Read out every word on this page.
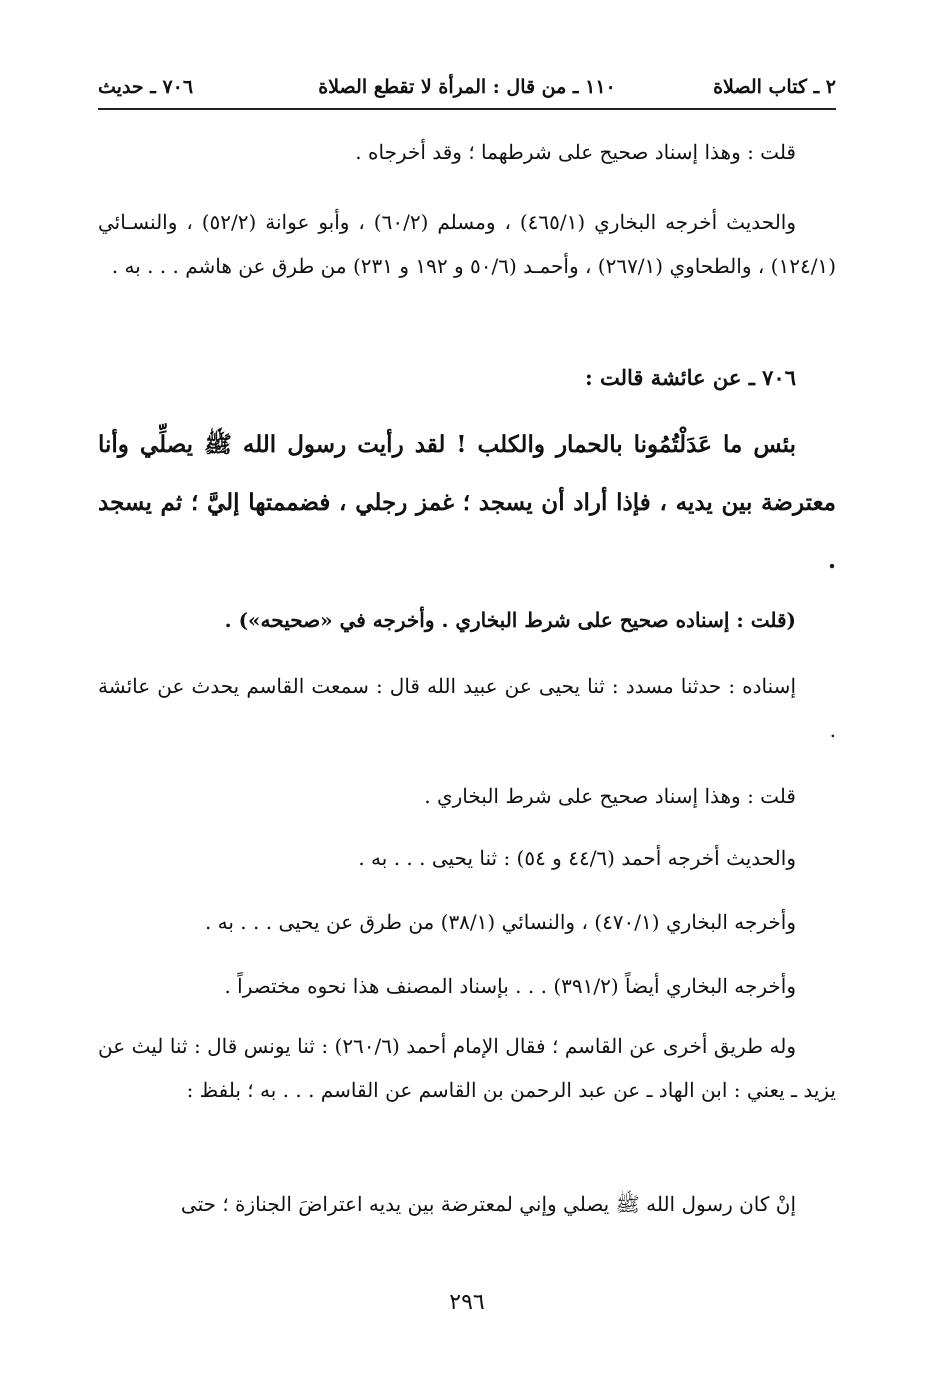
٢ ـ كتاب الصلاة
١١٠ ـ من قال : المرأة لا تقطع الصلاة
٧٠٦ ـ حديث

قلت : وهذا إسناد صحيح على شرطهما ؛ وقد أخرجاه .

والحديث أخرجه البخاري (٤٦٥/١) ، ومسلم (٦٠/٢) ، وأبو عوانة (٥٢/٢) ، والنسـائي (١٢٤/١) ، والطحاوي (٢٦٧/١) ، وأحمـد (٥٠/٦ و ١٩٢ و ٢٣١) من طرق عن هاشم . . . به .

٧٠٦ ـ عن عائشة قالت :

بئس ما عَدَلْتُمُونا بالحمار والكلب ! لقد رأيت رسول الله ﷺ يصلِّي وأنا معترضة بين يديه ، فإذا أراد أن يسجد ؛ غمز رجلي ، فضممتها إليَّ ؛ ثم يسجد .

(قلت : إسناده صحيح على شرط البخاري . وأخرجه في «صحيحه») .

إسناده : حدثنا مسدد : ثنا يحيى عن عبيد الله قال : سمعت القاسم يحدث عن عائشة .

قلت : وهذا إسناد صحيح على شرط البخاري .

والحديث أخرجه أحمد (٤٤/٦ و ٥٤) : ثنا يحيى . . . به .

وأخرجه البخاري (٤٧٠/١) ، والنسائي (٣٨/١) من طرق عن يحيى . . . به .

وأخرجه البخاري أيضاً (٣٩١/٢) . . . بإسناد المصنف هذا نحوه مختصراً .

وله طريق أخرى عن القاسم ؛ فقال الإمام أحمد (٢٦٠/٦) : ثنا يونس قال : ثنا ليث عن يزيد ـ يعني : ابن الهاد ـ عن عبد الرحمن بن القاسم عن القاسم . . . به ؛ بلفظ :

إنْ كان رسول الله ﷺ يصلي وإني لمعترضة بين يديه اعتراضَ الجنازة ؛ حتى

٢٩٦
